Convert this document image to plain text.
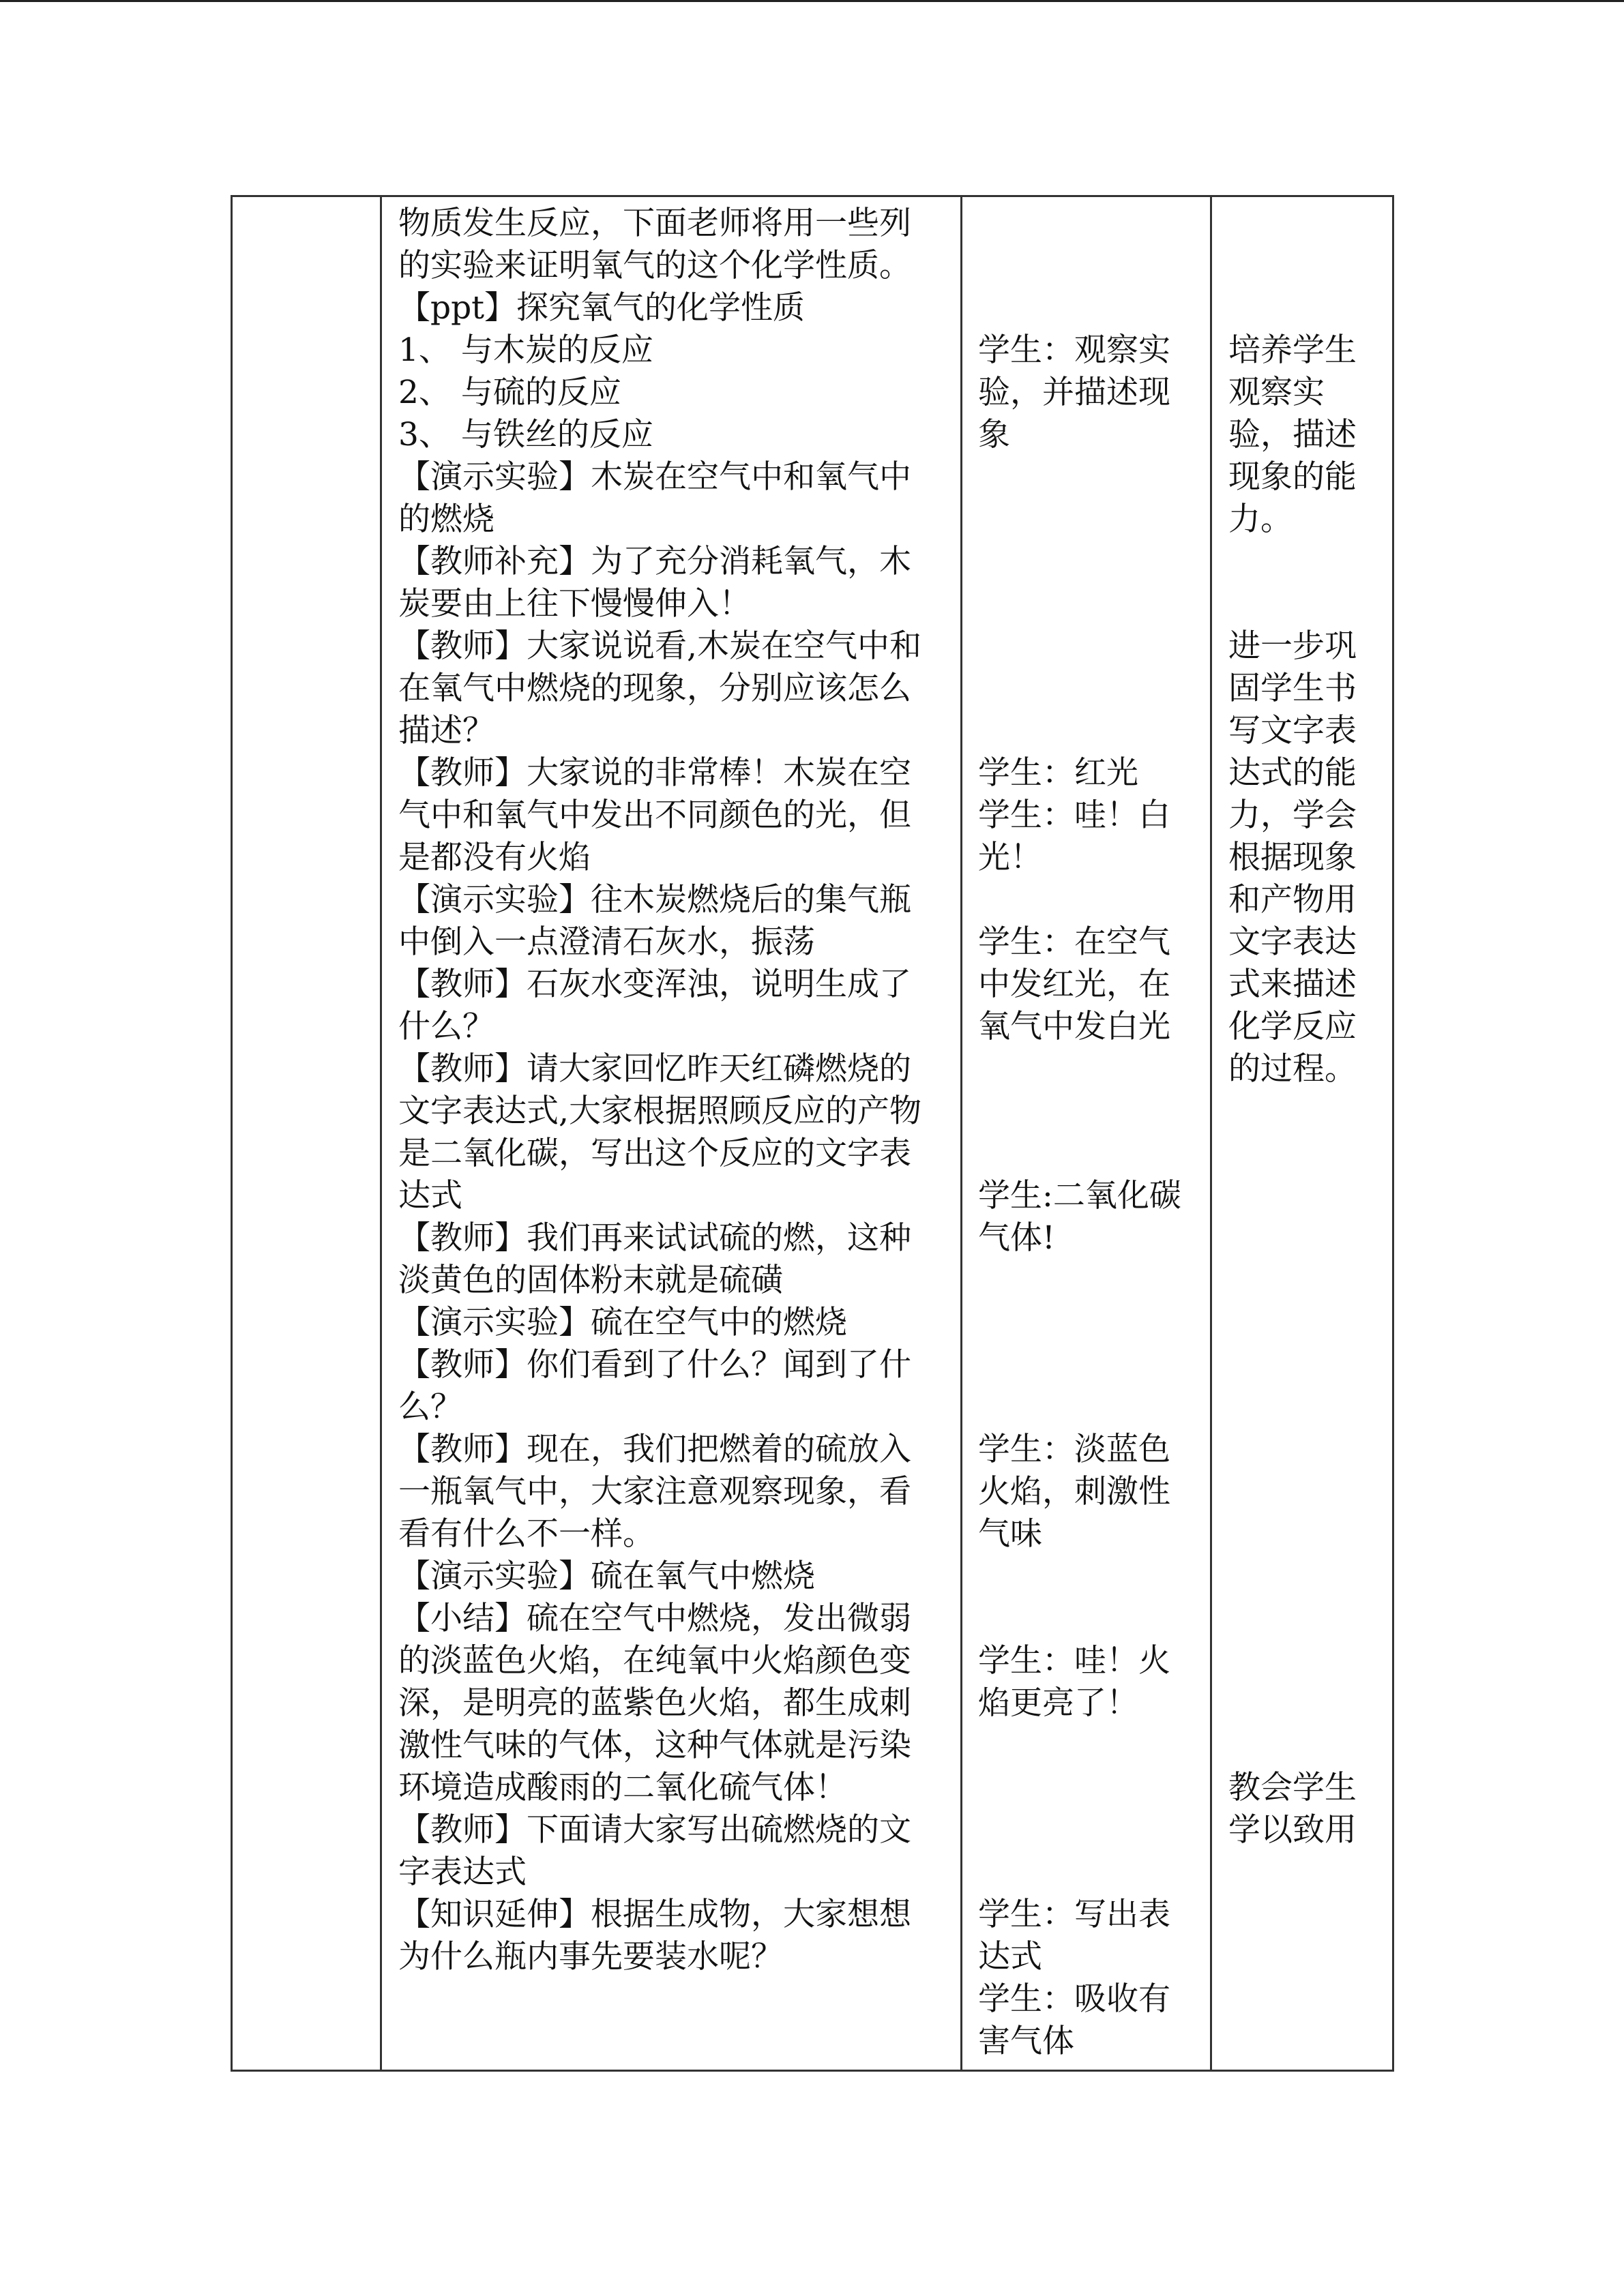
物质发生反应，下面老师将用一些列
的实验来证明氧气的这个化学性质。
【ppt】探究氧气的化学性质
1、 与木炭的反应
2、 与硫的反应
3、 与铁丝的反应
【演示实验】木炭在空气中和氧气中
的燃烧
【教师补充】为了充分消耗氧气，木
炭要由上往下慢慢伸入！
【教师】大家说说看,木炭在空气中和
在氧气中燃烧的现象，分别应该怎么
描述？
【教师】大家说的非常棒！木炭在空
气中和氧气中发出不同颜色的光，但
是都没有火焰
【演示实验】往木炭燃烧后的集气瓶
中倒入一点澄清石灰水，振荡
【教师】石灰水变浑浊，说明生成了
什么？
【教师】请大家回忆昨天红磷燃烧的
文字表达式,大家根据照顾反应的产物
是二氧化碳，写出这个反应的文字表
达式
【教师】我们再来试试硫的燃，这种
淡黄色的固体粉末就是硫磺
【演示实验】硫在空气中的燃烧
【教师】你们看到了什么？闻到了什
么？
【教师】现在，我们把燃着的硫放入
一瓶氧气中，大家注意观察现象，看
看有什么不一样。
【演示实验】硫在氧气中燃烧
【小结】硫在空气中燃烧，发出微弱
的淡蓝色火焰，在纯氧中火焰颜色变
深，是明亮的蓝紫色火焰，都生成刺
激性气味的气体，这种气体就是污染
环境造成酸雨的二氧化硫气体！
【教师】下面请大家写出硫燃烧的文
字表达式
【知识延伸】根据生成物，大家想想
为什么瓶内事先要装水呢？
学生：观察实
验，并描述现
象
学生：红光
学生：哇！白
光！
学生：在空气
中发红光，在
氧气中发白光
学生:二氧化碳
气体!
学生：淡蓝色
火焰，刺激性
气味
学生：哇！火
焰更亮了！
学生：写出表
达式
学生：吸收有
害气体
培养学生
观察实
验，描述
现象的能
力。
进一步巩
固学生书
写文字表
达式的能
力，学会
根据现象
和产物用
文字表达
式来描述
化学反应
的过程。
教会学生
学以致用
